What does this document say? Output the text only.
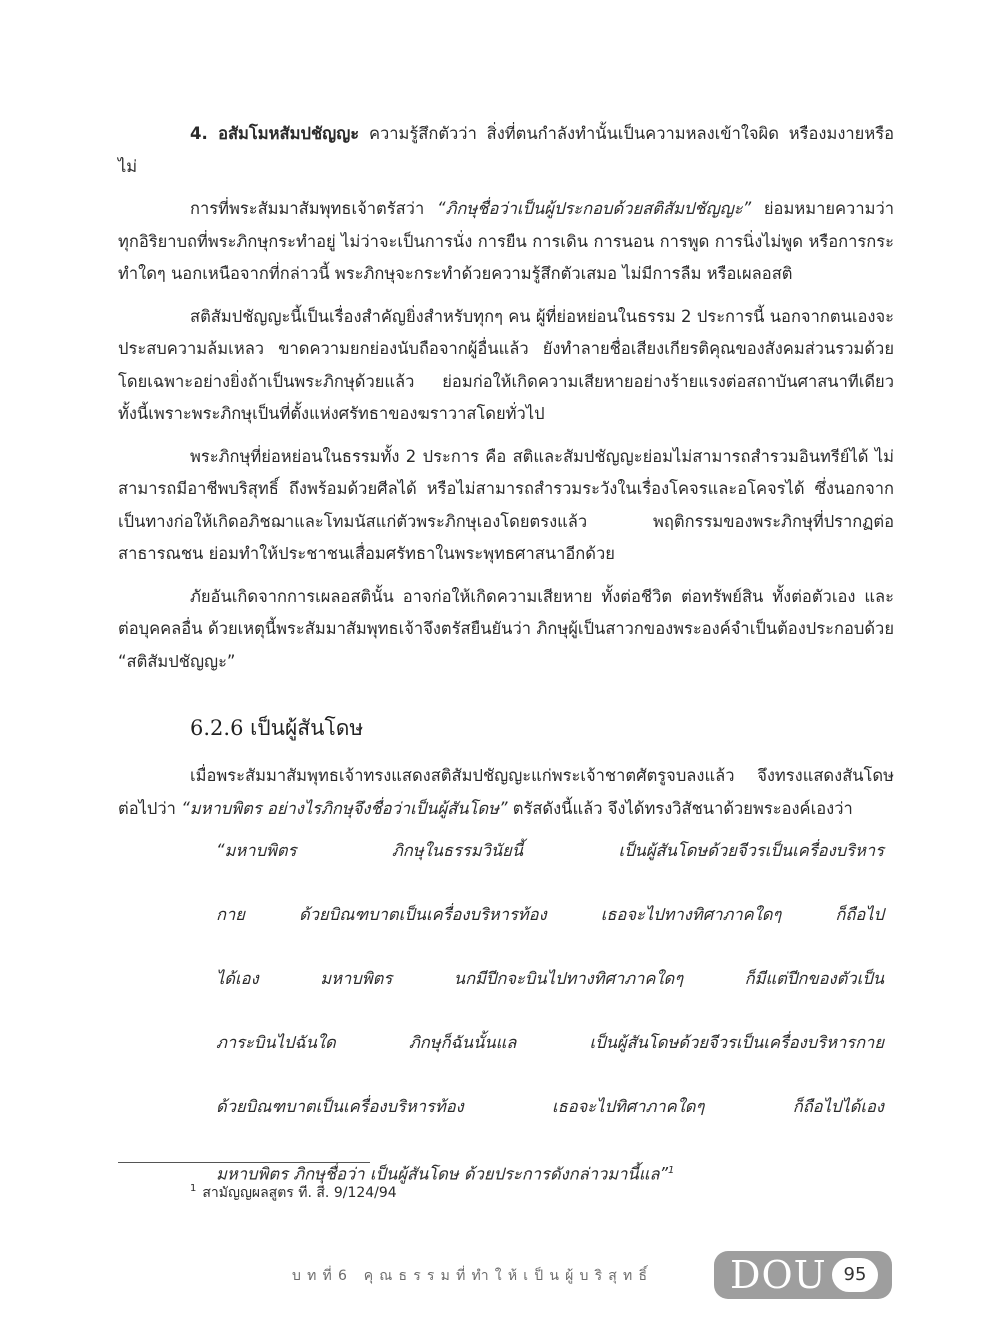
4. อสัมโมหสัมปชัญญะ ความรู้สึกตัวว่า สิ่งที่ตนกำลังทำนั้นเป็นความหลงเข้าใจผิด หรืองมงายหรือไม่

การที่พระสัมมาสัมพุทธเจ้าตรัสว่า “ภิกษุชื่อว่าเป็นผู้ประกอบด้วยสติสัมปชัญญะ” ย่อมหมายความว่า ทุกอิริยาบถที่พระภิกษุกระทำอยู่ ไม่ว่าจะเป็นการนั่ง การยืน การเดิน การนอน การพูด การนิ่งไม่พูด หรือการกระทำใดๆ นอกเหนือจากที่กล่าวนี้ พระภิกษุจะกระทำด้วยความรู้สึกตัวเสมอ ไม่มีการลืม หรือเผลอสติ

สติสัมปชัญญะนี้เป็นเรื่องสำคัญยิ่งสำหรับทุกๆ คน ผู้ที่ย่อหย่อนในธรรม 2 ประการนี้ นอกจากตนเองจะประสบความล้มเหลว ขาดความยกย่องนับถือจากผู้อื่นแล้ว ยังทำลายชื่อเสียงเกียรติคุณของสังคมส่วนรวมด้วย โดยเฉพาะอย่างยิ่งถ้าเป็นพระภิกษุด้วยแล้ว ย่อมก่อให้เกิดความเสียหายอย่างร้ายแรงต่อสถาบันศาสนาทีเดียว ทั้งนี้เพราะพระภิกษุเป็นที่ตั้งแห่งศรัทธาของฆราวาสโดยทั่วไป

พระภิกษุที่ย่อหย่อนในธรรมทั้ง 2 ประการ คือ สติและสัมปชัญญะย่อมไม่สามารถสำรวมอินทรีย์ได้ ไม่สามารถมีอาชีพบริสุทธิ์ ถึงพร้อมด้วยศีลได้ หรือไม่สามารถสำรวมระวังในเรื่องโคจรและอโคจรได้ ซึ่งนอกจากเป็นทางก่อให้เกิดอภิชฌาและโทมนัสแก่ตัวพระภิกษุเองโดยตรงแล้ว พฤติกรรมของพระภิกษุที่ปรากฏต่อสาธารณชน ย่อมทำให้ประชาชนเสื่อมศรัทธาในพระพุทธศาสนาอีกด้วย

ภัยอันเกิดจากการเผลอสตินั้น อาจก่อให้เกิดความเสียหาย ทั้งต่อชีวิต ต่อทรัพย์สิน ทั้งต่อตัวเอง และต่อบุคคลอื่น ด้วยเหตุนี้พระสัมมาสัมพุทธเจ้าจึงตรัสยืนยันว่า ภิกษุผู้เป็นสาวกของพระองค์จำเป็นต้องประกอบด้วย “สติสัมปชัญญะ”

6.2.6 เป็นผู้สันโดษ

เมื่อพระสัมมาสัมพุทธเจ้าทรงแสดงสติสัมปชัญญะแก่พระเจ้าชาตศัตรูจบลงแล้ว จึงทรงแสดงสันโดษต่อไปว่า “มหาบพิตร อย่างไรภิกษุจึงชื่อว่าเป็นผู้สันโดษ” ตรัสดังนี้แล้ว จึงได้ทรงวิสัชนาด้วยพระองค์เองว่า

“มหาบพิตร ภิกษุในธรรมวินัยนี้ เป็นผู้สันโดษด้วยจีวรเป็นเครื่องบริหาร

กาย ด้วยบิณฑบาตเป็นเครื่องบริหารท้อง เธอจะไปทางทิศาภาคใดๆ ก็ถือไป

ได้เอง มหาบพิตร นกมีปีกจะบินไปทางทิศาภาคใดๆ ก็มีแต่ปีกของตัวเป็น

ภาระบินไปฉันใด ภิกษุก็ฉันนั้นแล เป็นผู้สันโดษด้วยจีวรเป็นเครื่องบริหารกาย

ด้วยบิณฑบาตเป็นเครื่องบริหารท้อง เธอจะไปทิศาภาคใดๆ ก็ถือไปได้เอง

มหาบพิตร ภิกษุชื่อว่า เป็นผู้สันโดษ ด้วยประการดังกล่าวมานี้แล”$^1$
$^1$ สามัญญผลสูตร ที. สี. 9/124/94
บทที่6 คุณธรรมที่ทำให้เป็นผู้บริสุทธิ์ DOU 95
